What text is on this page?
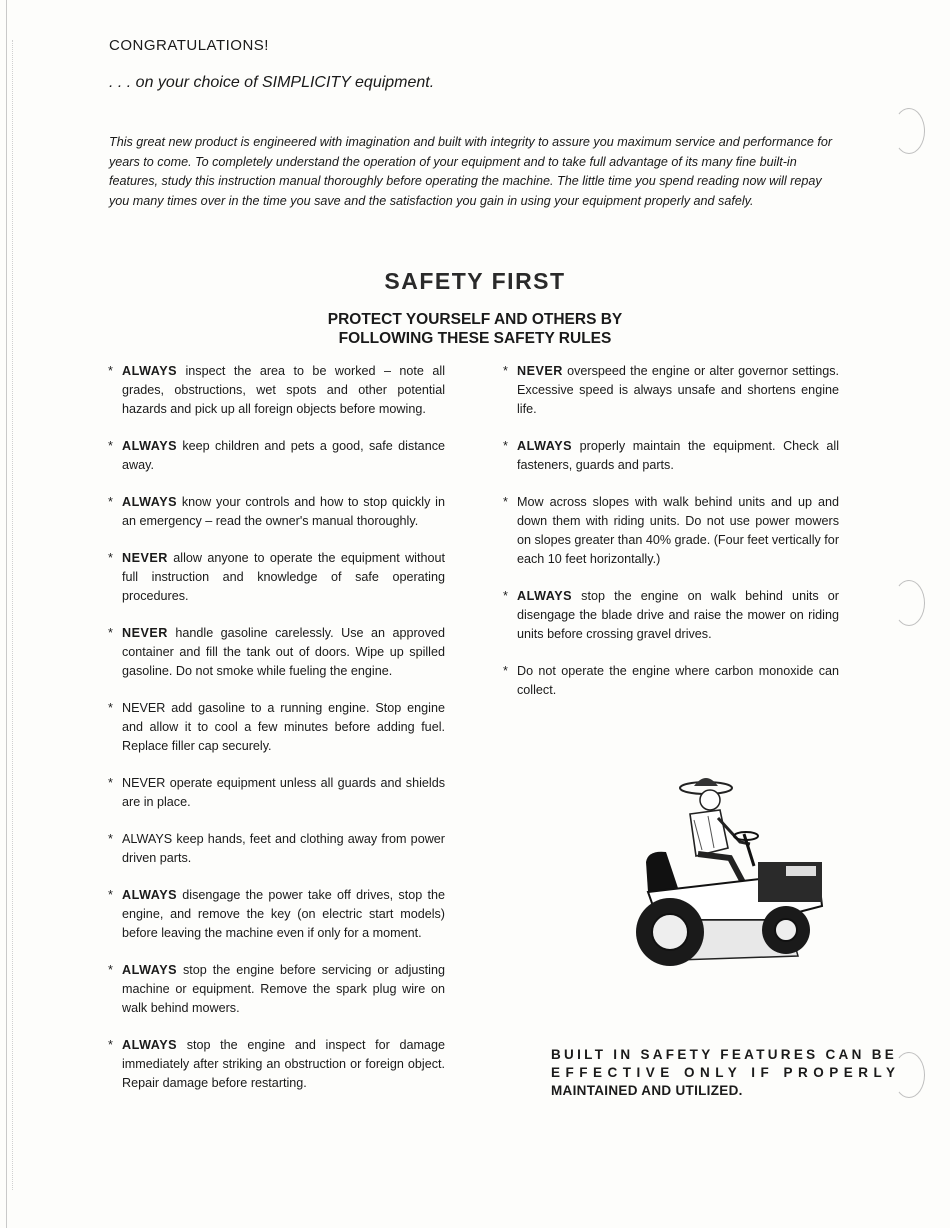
CONGRATULATIONS!
. . . on your choice of SIMPLICITY equipment.

This great new product is engineered with imagination and built with integrity to assure you maximum service and performance for years to come. To completely understand the operation of your equipment and to take full advantage of its many fine built-in features, study this instruction manual thoroughly before operating the machine. The little time you spend reading now will repay you many times over in the time you save and the satisfaction you gain in using your equipment properly and safely.

SAFETY FIRST
PROTECT YOURSELF AND OTHERS BY
FOLLOWING THESE SAFETY RULES
* ALWAYS inspect the area to be worked – note all grades, obstructions, wet spots and other potential hazards and pick up all foreign objects before mowing.
* ALWAYS keep children and pets a good, safe distance away.
* ALWAYS know your controls and how to stop quickly in an emergency – read the owner's manual thoroughly.
* NEVER allow anyone to operate the equipment without full instruction and knowledge of safe operating procedures.
* NEVER handle gasoline carelessly. Use an approved container and fill the tank out of doors. Wipe up spilled gasoline. Do not smoke while fueling the engine.
* NEVER add gasoline to a running engine. Stop engine and allow it to cool a few minutes before adding fuel. Replace filler cap securely.
* NEVER operate equipment unless all guards and shields are in place.
* ALWAYS keep hands, feet and clothing away from power driven parts.
* ALWAYS disengage the power take off drives, stop the engine, and remove the key (on electric start models) before leaving the machine even if only for a moment.
* ALWAYS stop the engine before servicing or adjusting machine or equipment. Remove the spark plug wire on walk behind mowers.
* ALWAYS stop the engine and inspect for damage immediately after striking an obstruction or foreign object. Repair damage before restarting.
* NEVER overspeed the engine or alter governor settings. Excessive speed is always unsafe and shortens engine life.
* ALWAYS properly maintain the equipment. Check all fasteners, guards and parts.
* Mow across slopes with walk behind units and up and down them with riding units. Do not use power mowers on slopes greater than 40% grade. (Four feet vertically for each 10 feet horizontally.)
* ALWAYS stop the engine on walk behind units or disengage the blade drive and raise the mower on riding units before crossing gravel drives.
* Do not operate the engine where carbon monoxide can collect.
BUILT IN SAFETY FEATURES CAN BE
EFFECTIVE ONLY IF PROPERLY
MAINTAINED AND UTILIZED.
